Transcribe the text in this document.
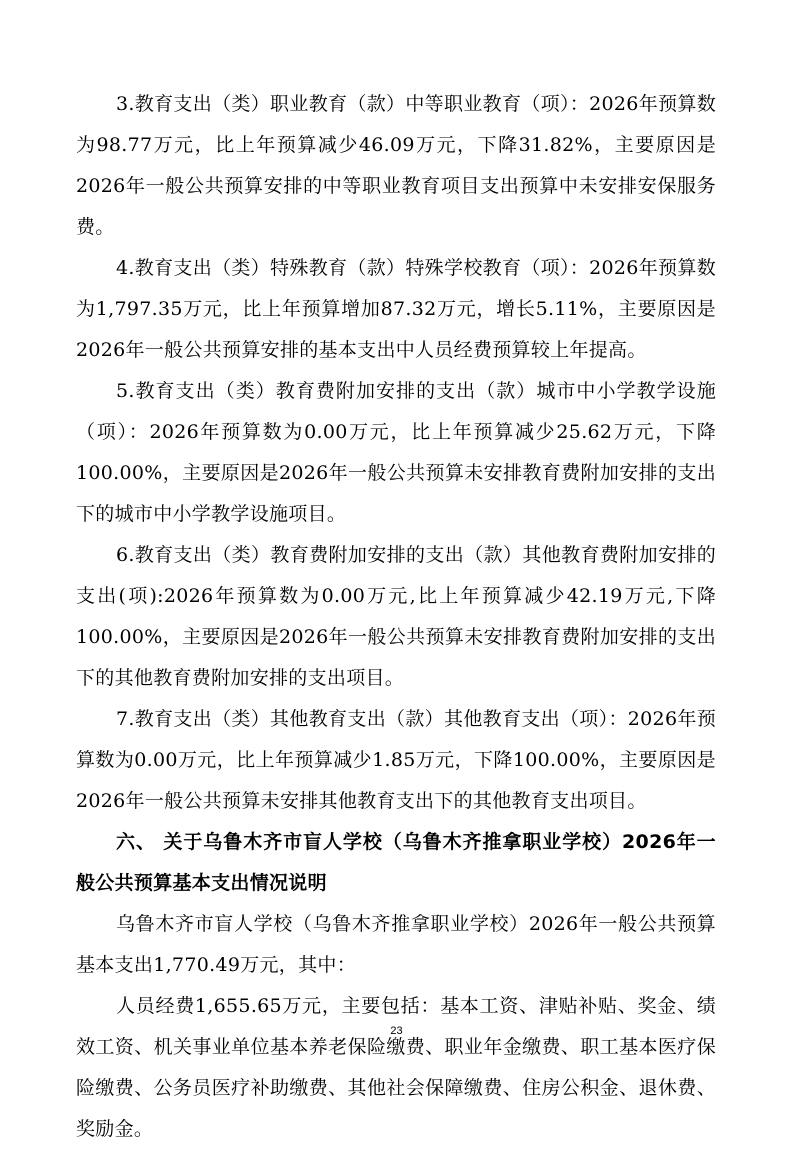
3.教育支出（类）职业教育（款）中等职业教育（项）：2026年预算数为98.77万元，比上年预算减少46.09万元，下降31.82%，主要原因是2026年一般公共预算安排的中等职业教育项目支出预算中未安排安保服务费。

4.教育支出（类）特殊教育（款）特殊学校教育（项）：2026年预算数为1,797.35万元，比上年预算增加87.32万元，增长5.11%，主要原因是2026年一般公共预算安排的基本支出中人员经费预算较上年提高。

5.教育支出（类）教育费附加安排的支出（款）城市中小学教学设施（项）：2026年预算数为0.00万元，比上年预算减少25.62万元，下降100.00%，主要原因是2026年一般公共预算未安排教育费附加安排的支出下的城市中小学教学设施项目。

6.教育支出（类）教育费附加安排的支出（款）其他教育费附加安排的支出(项):2026年预算数为0.00万元,比上年预算减少42.19万元,下降100.00%，主要原因是2026年一般公共预算未安排教育费附加安排的支出下的其他教育费附加安排的支出项目。

7.教育支出（类）其他教育支出（款）其他教育支出（项）：2026年预算数为0.00万元，比上年预算减少1.85万元，下降100.00%，主要原因是2026年一般公共预算未安排其他教育支出下的其他教育支出项目。

六、 关于乌鲁木齐市盲人学校（乌鲁木齐推拿职业学校）2026年一般公共预算基本支出情况说明

乌鲁木齐市盲人学校（乌鲁木齐推拿职业学校）2026年一般公共预算基本支出1,770.49万元，其中：

人员经费1,655.65万元，主要包括：基本工资、津贴补贴、奖金、绩效工资、机关事业单位基本养老保险缴费、职业年金缴费、职工基本医疗保险缴费、公务员医疗补助缴费、其他社会保障缴费、住房公积金、退休费、奖励金。

23
